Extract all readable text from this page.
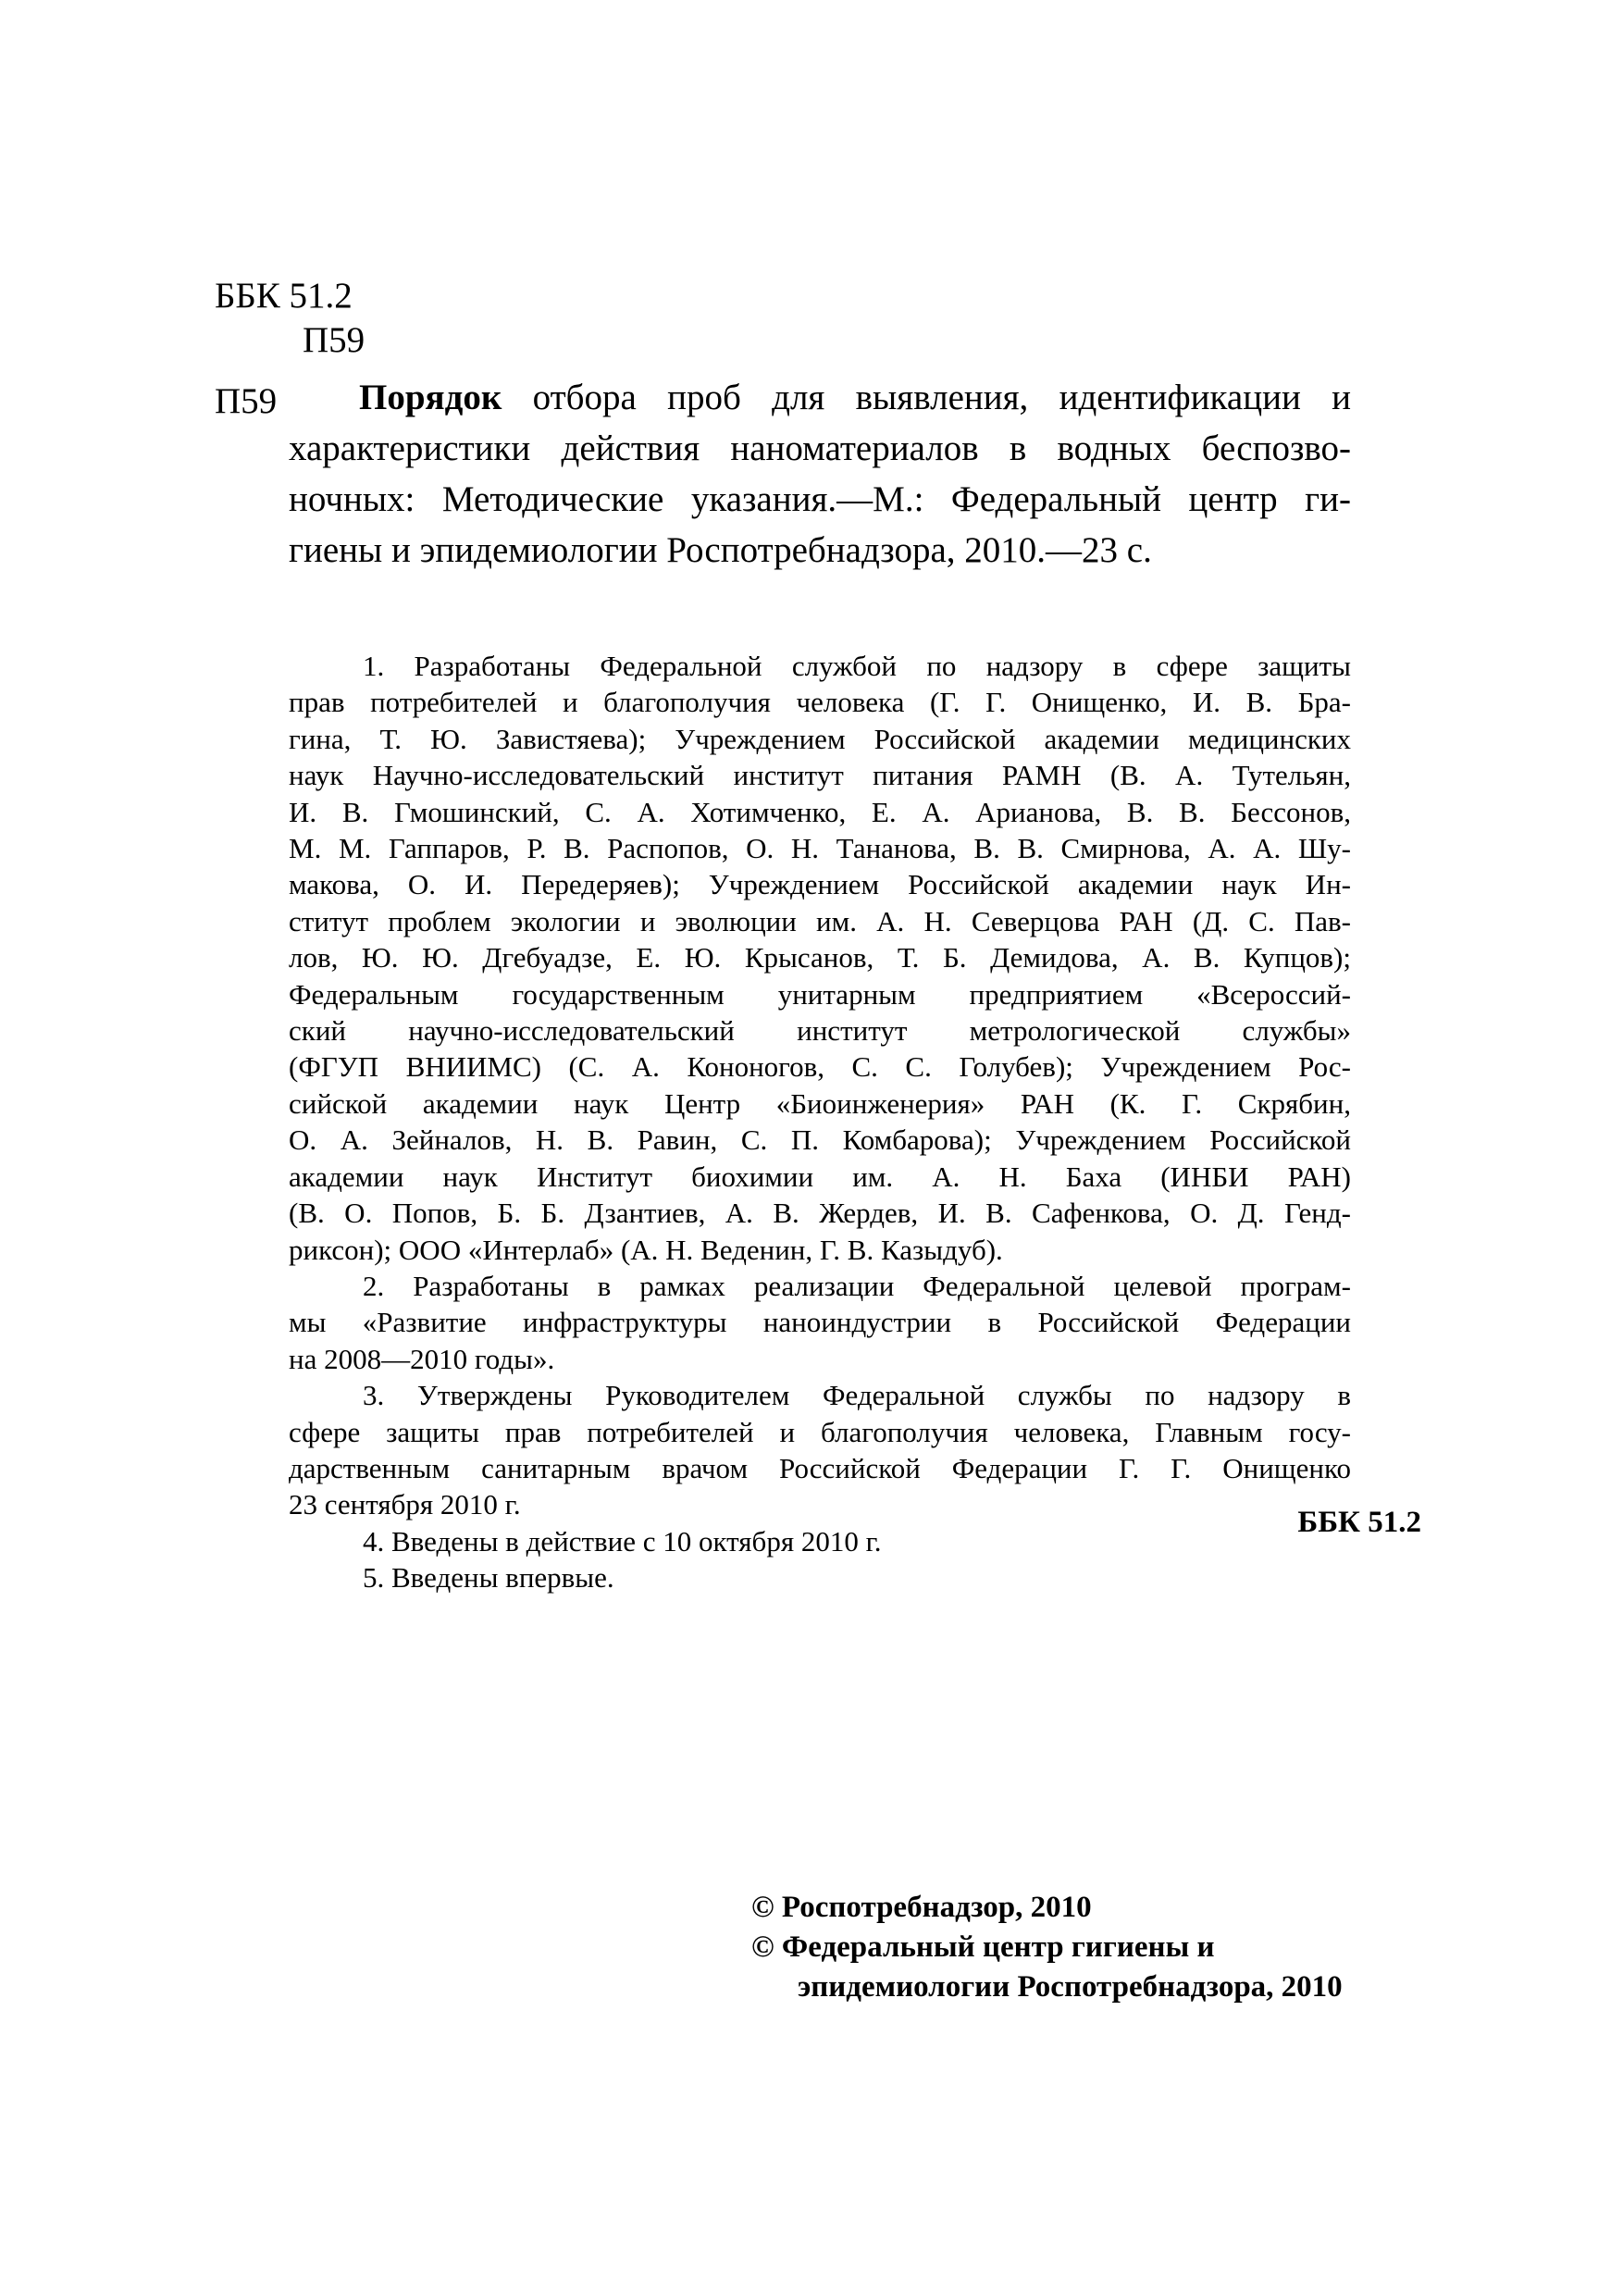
ББК 51.2
П59
П59	Порядок отбора проб для выявления, идентификации и
характеристики действия наноматериалов в водных беспозво-
ночных: Методические указания.—М.: Федеральный центр ги-
гиены и эпидемиологии Роспотребнадзора, 2010.—23 с.
1. Разработаны Федеральной службой по надзору в сфере защиты
прав потребителей и благополучия человека (Г. Г. Онищенко, И. В. Бра-
гина, Т. Ю. Завистяева); Учреждением Российской академии медицинских
наук Научно-исследовательский институт питания РАМН (В. А. Тутельян,
И. В. Гмошинский, С. А. Хотимченко, Е. А. Арианова, В. В. Бессонов,
М. М. Гаппаров, Р. В. Распопов, О. Н. Тананова, В. В. Смирнова, А. А. Шу-
макова, О. И. Передеряев); Учреждением Российской академии наук Ин-
ститут проблем экологии и эволюции им. А. Н. Северцова РАН (Д. С. Пав-
лов, Ю. Ю. Дгебуадзе, Е. Ю. Крысанов, Т. Б. Демидова, А. В. Купцов);
Федеральным государственным унитарным предприятием «Всероссий-
ский научно-исследовательский институт метрологической службы»
(ФГУП ВНИИМС) (С. А. Кононогов, С. С. Голубев); Учреждением Рос-
сийской академии наук Центр «Биоинженерия» РАН (К. Г. Скрябин,
О. А. Зейналов, Н. В. Равин, С. П. Комбарова); Учреждением Российской
академии наук Институт биохимии им. А. Н. Баха (ИНБИ РАН)
(В. О. Попов, Б. Б. Дзантиев, А. В. Жердев, И. В. Сафенкова, О. Д. Генд-
риксон); ООО «Интерлаб» (А. Н. Веденин, Г. В. Казыдуб).
2. Разработаны в рамках реализации Федеральной целевой програм-
мы «Развитие инфраструктуры наноиндустрии в Российской Федерации
на 2008—2010 годы».
3. Утверждены Руководителем Федеральной службы по надзору в
сфере защиты прав потребителей и благополучия человека, Главным госу-
дарственным санитарным врачом Российской Федерации Г. Г. Онищенко
23 сентября 2010 г.
4. Введены в действие с 10 октября 2010 г.
5. Введены впервые.
ББК 51.2
© Роспотребнадзор, 2010
© Федеральный центр гигиены и
эпидемиологии Роспотребнадзора, 2010
